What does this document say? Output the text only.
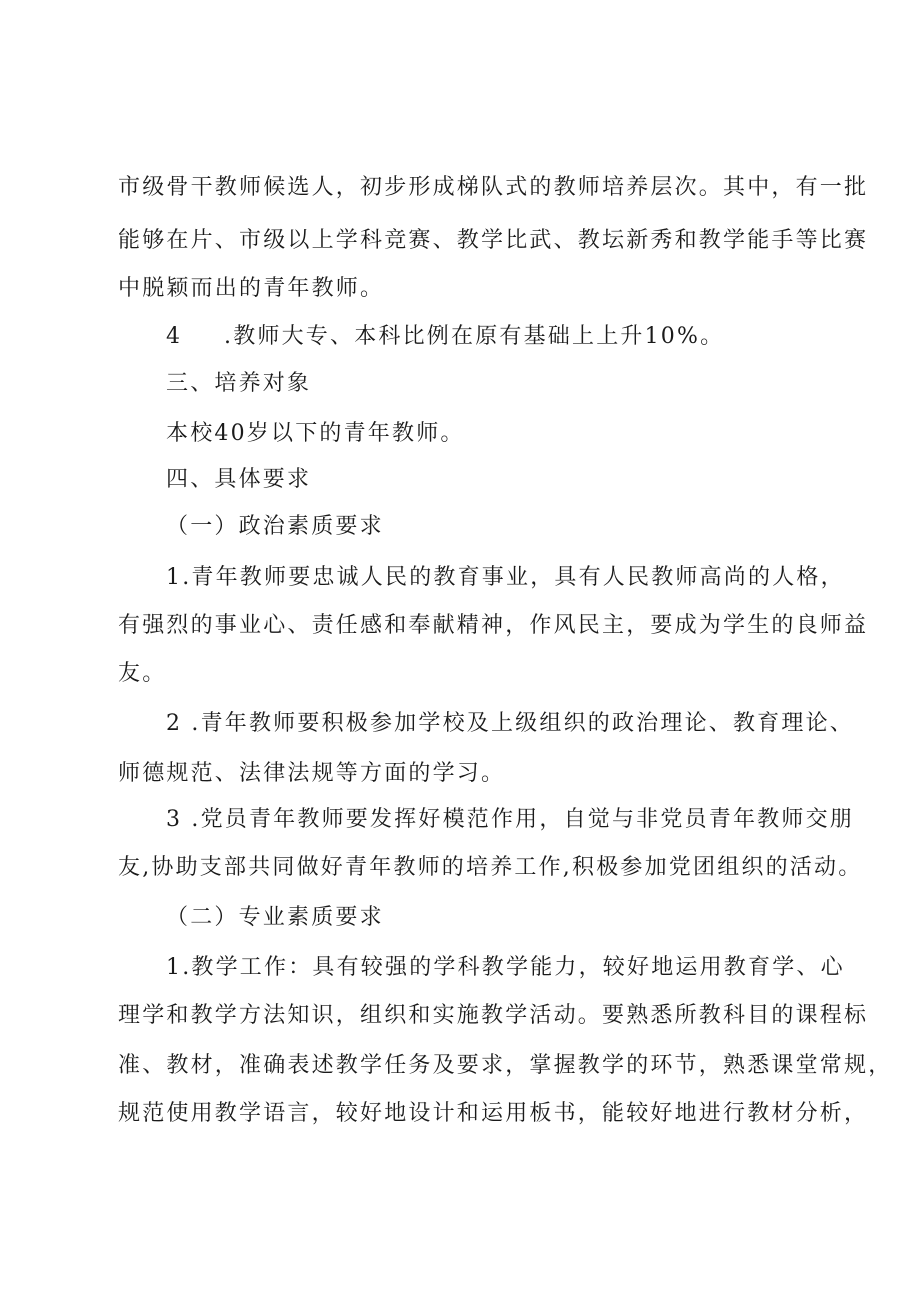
市级骨干教师候选人，初步形成梯队式的教师培养层次。其中，有一批
能够在片、市级以上学科竞赛、教学比武、教坛新秀和教学能手等比赛
中脱颖而出的青年教师。
4 .教师大专、本科比例在原有基础上上升10%。
三、培养对象
本校40岁以下的青年教师。
四、具体要求
（一）政治素质要求
1.青年教师要忠诚人民的教育事业，具有人民教师高尚的人格，
有强烈的事业心、责任感和奉献精神，作风民主，要成为学生的良师益
友。
2 .青年教师要积极参加学校及上级组织的政治理论、教育理论、
师德规范、法律法规等方面的学习。
3 .党员青年教师要发挥好模范作用，自觉与非党员青年教师交朋
友,协助支部共同做好青年教师的培养工作,积极参加党团组织的活动。
（二）专业素质要求
1.教学工作：具有较强的学科教学能力，较好地运用教育学、心
理学和教学方法知识，组织和实施教学活动。要熟悉所教科目的课程标
准、教材，准确表述教学任务及要求，掌握教学的环节，熟悉课堂常规，
规范使用教学语言，较好地设计和运用板书，能较好地进行教材分析，
